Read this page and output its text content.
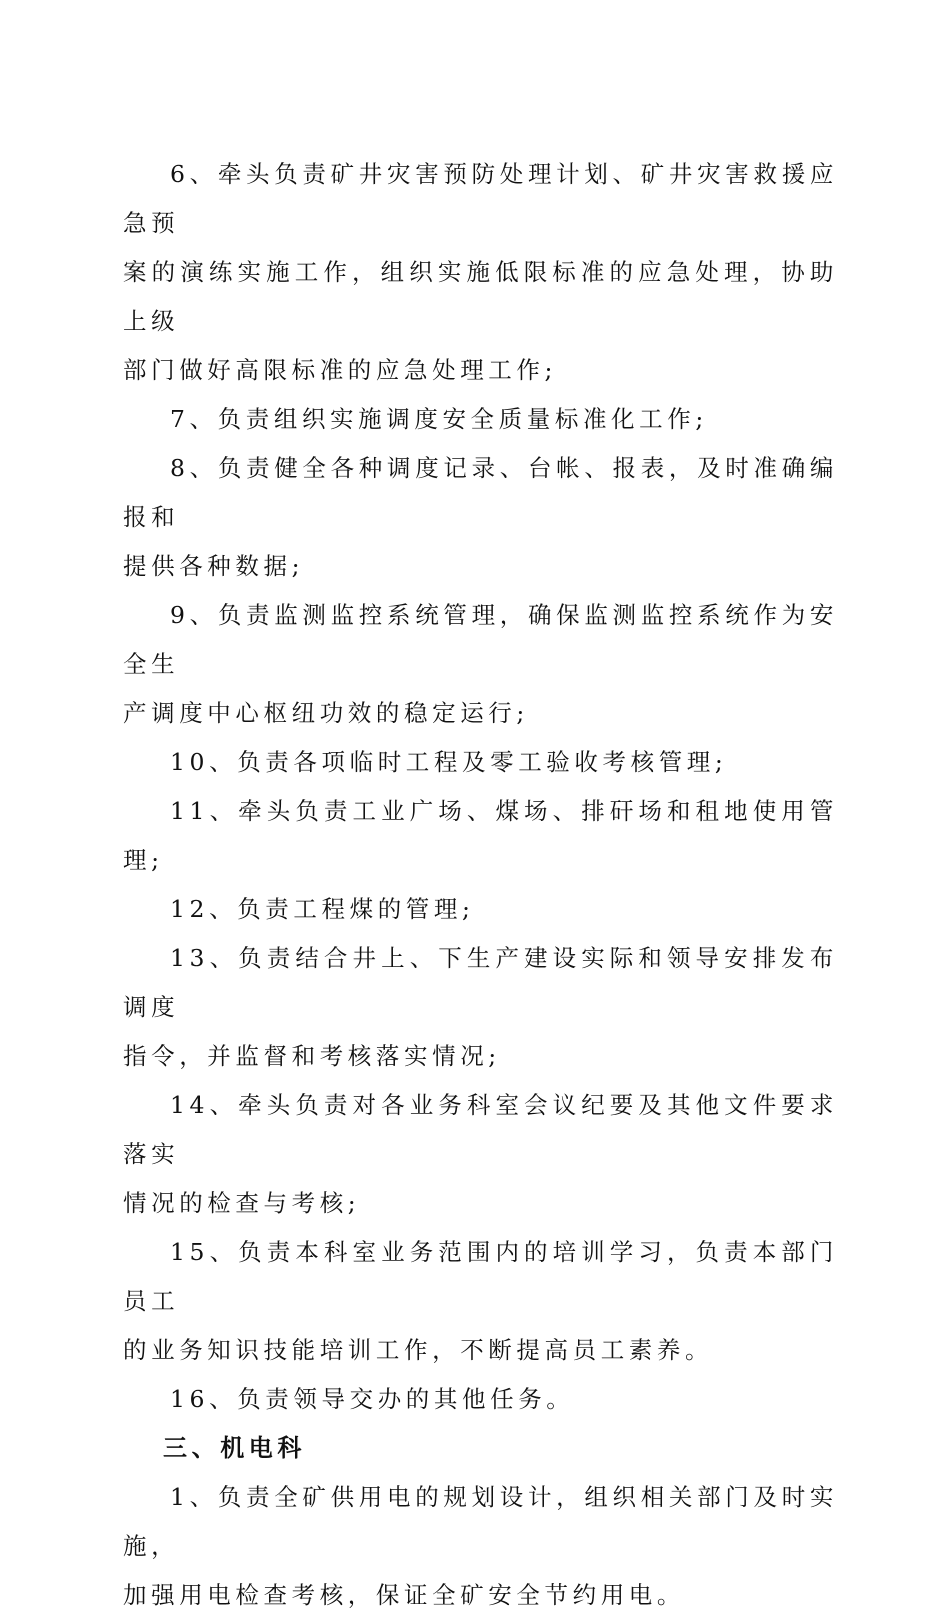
6、牵头负责矿井灾害预防处理计划、矿井灾害救援应急预
案的演练实施工作，组织实施低限标准的应急处理，协助上级
部门做好高限标准的应急处理工作;

7、负责组织实施调度安全质量标准化工作;

8、负责健全各种调度记录、台帐、报表，及时准确编报和
提供各种数据;

9、负责监测监控系统管理，确保监测监控系统作为安全生
产调度中心枢纽功效的稳定运行;

10、负责各项临时工程及零工验收考核管理;

11、牵头负责工业广场、煤场、排矸场和租地使用管理;

12、负责工程煤的管理;

13、负责结合井上、下生产建设实际和领导安排发布调度
指令，并监督和考核落实情况;

14、牵头负责对各业务科室会议纪要及其他文件要求落实
情况的检查与考核;

15、负责本科室业务范围内的培训学习，负责本部门员工
的业务知识技能培训工作，不断提高员工素养。

16、负责领导交办的其他任务。

三、机电科

1、负责全矿供用电的规划设计，组织相关部门及时实施，
加强用电检查考核，保证全矿安全节约用电。
